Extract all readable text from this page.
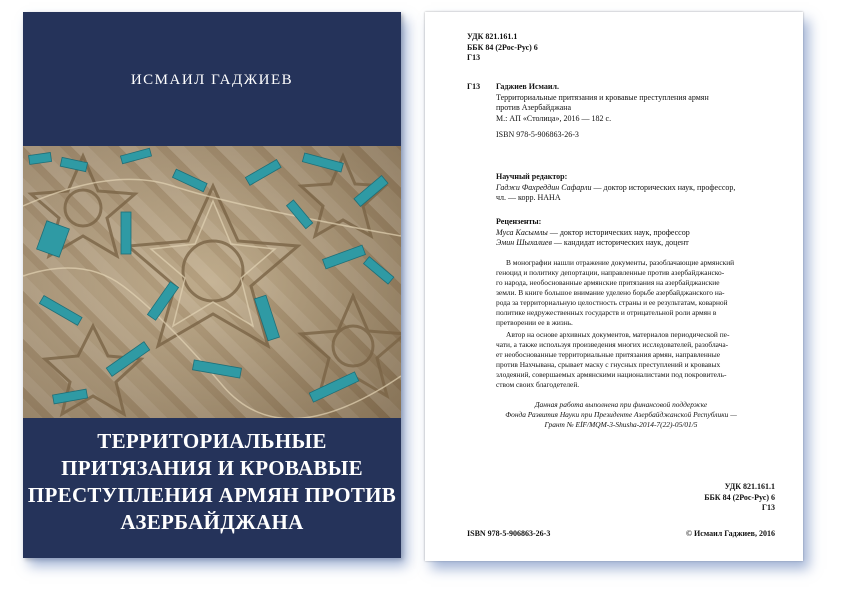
ИСМАИЛ ГАДЖИЕВ
ТЕРРИТОРИАЛЬНЫЕ
ПРИТЯЗАНИЯ И КРОВАВЫЕ
ПРЕСТУПЛЕНИЯ АРМЯН ПРОТИВ
АЗЕРБАЙДЖАНА
УДК 821.161.1
ББК 84 (2Рос-Рус) 6
Г13
Г13 Гаджиев Исмаил.
Территориальные притязания и кровавые преступления армян
против Азербайджана
М.: АП «Столица», 2016 — 182 с.
ISBN 978-5-906863-26-3
Научный редактор:
Гаджи Фахреддин Сафарли — доктор исторических наук, профессор,
чл. — корр. НАНА
Рецензенты:
Муса Касымлы — доктор исторических наук, профессор
Эмин Шыхалиев — кандидат исторических наук, доцент
В монографии нашли отражение документы, разоблачающие армянский
геноцид и политику депортации, направленные против азербайджанско-
го народа, необоснованные армянские притязания на азербайджанские
земли. В книге большое внимание уделено борьбе азербайджанского на-
рода за территориальную целостность страны и ее результатам, коварной
политике недружественных государств и отрицательной роли армян в
претворении ее в жизнь.
Автор на основе архивных документов, материалов периодической пе-
чати, а также используя произведения многих исследователей, разоблача-
ет необоснованные территориальные притязания армян, направленные
против Нахчывана, срывает маску с гнусных преступлений и кровавых
злодеяний, совершаемых армянскими националистами под покровитель-
ством своих благодетелей.
Данная работа выполнена при финансовой поддержке
Фонда Развития Науки при Президенте Азербайджанской Республики —
Грант № EİF/MQM-3-Shusha-2014-7(22)-05/01/5
УДК 821.161.1
ББК 84 (2Рос-Рус) 6
Г13
ISBN 978-5-906863-26-3	© Исмаил Гаджиев, 2016
